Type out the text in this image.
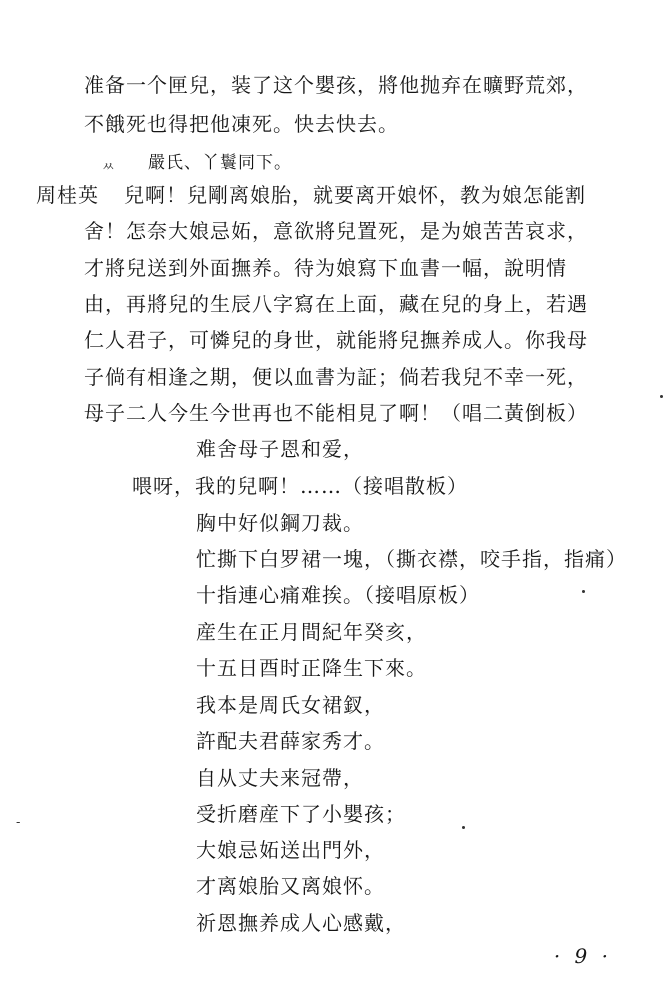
ㅆ
-
准备一个匣兒，装了这个嬰孩，將他抛弃在曠野荒郊，
不餓死也得把他凍死。快去快去。
嚴氏、丫鬟同下。
周桂英 兒啊！兒剛离娘胎，就要离开娘怀，教为娘怎能割
舍！怎奈大娘忌妬，意欲將兒置死，是为娘苦苦哀求，
才將兒送到外面撫养。待为娘寫下血書一幅，說明情
由，再將兒的生辰八字寫在上面，藏在兒的身上，若遇
仁人君子，可憐兒的身世，就能將兒撫养成人。你我母
子倘有相逢之期，便以血書为証；倘若我兒不幸一死，
母子二人今生今世再也不能相見了啊！（唱二黃倒板）
难舍母子恩和爱，
喂呀，我的兒啊！……（接唱散板）
胸中好似鋼刀裁。
忙撕下白罗裙一塊，（撕衣襟，咬手指，指痛）
十指連心痛难挨。（接唱原板）
産生在正月間紀年癸亥，
十五日酉时正降生下來。
我本是周氏女裙釵，
許配夫君薛家秀才。
自从丈夫来冠帶，
受折磨産下了小嬰孩；
大娘忌妬送出門外，
才离娘胎又离娘怀。
祈恩撫养成人心感戴，
· 9 ·
